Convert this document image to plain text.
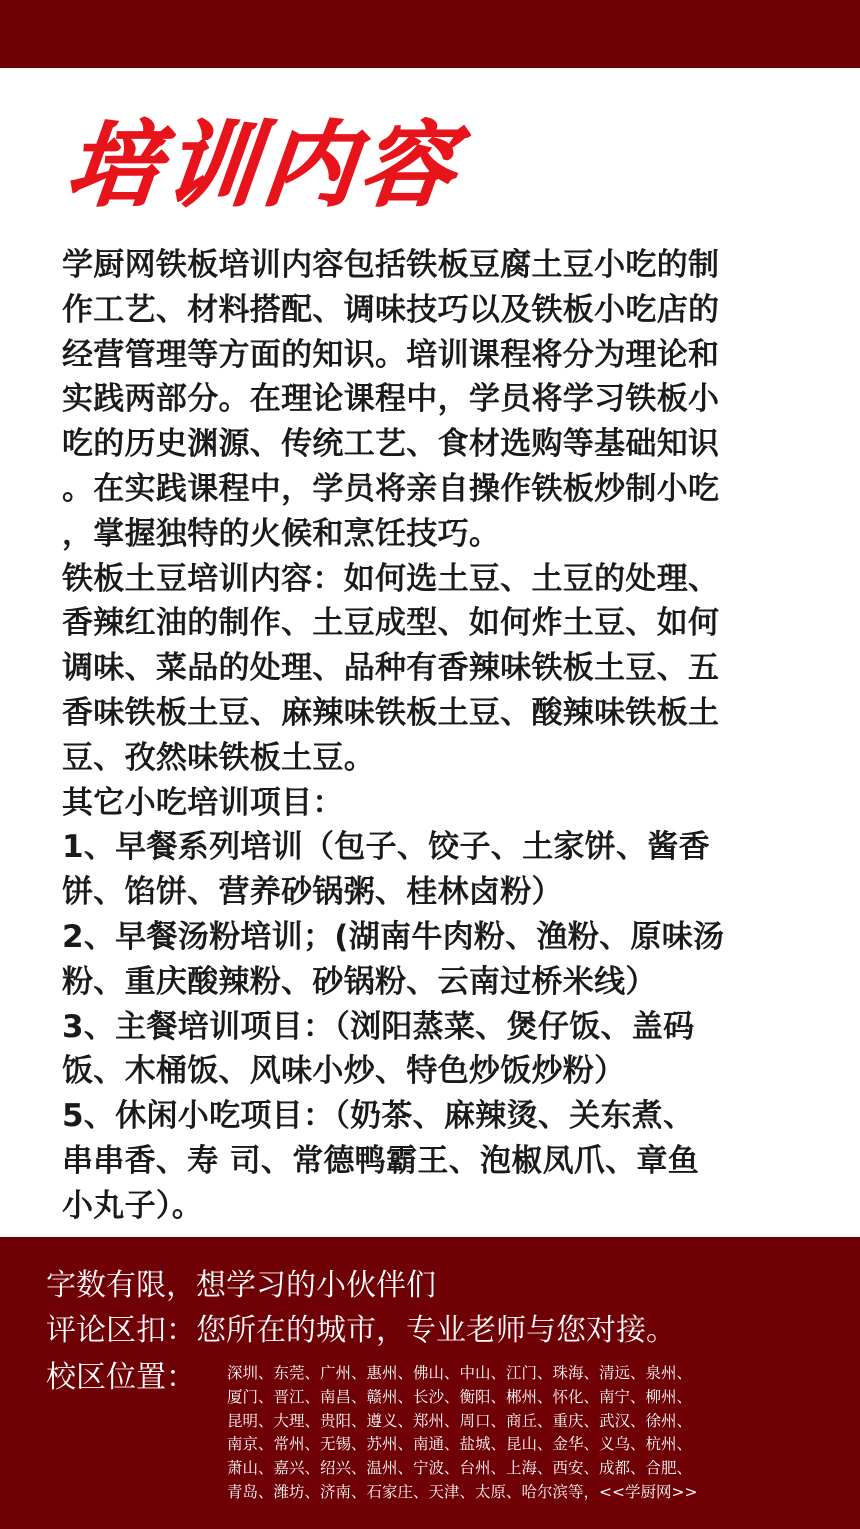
培训内容
学厨网铁板培训内容包括铁板豆腐土豆小吃的制
作工艺、材料搭配、调味技巧以及铁板小吃店的
经营管理等方面的知识。培训课程将分为理论和
实践两部分。在理论课程中，学员将学习铁板小
吃的历史渊源、传统工艺、食材选购等基础知识
。在实践课程中，学员将亲自操作铁板炒制小吃
，掌握独特的火候和烹饪技巧。
铁板土豆培训内容：如何选土豆、土豆的处理、
香辣红油的制作、土豆成型、如何炸土豆、如何
调味、菜品的处理、品种有香辣味铁板土豆、五
香味铁板土豆、麻辣味铁板土豆、酸辣味铁板土
豆、孜然味铁板土豆。
其它小吃培训项目：
1、早餐系列培训（包子、饺子、土家饼、酱香
饼、馅饼、营养砂锅粥、桂林卤粉）
2、早餐汤粉培训；(湖南牛肉粉、渔粉、原味汤
粉、重庆酸辣粉、砂锅粉、云南过桥米线）
3、主餐培训项目：（浏阳蒸菜、煲仔饭、盖码
饭、木桶饭、风味小炒、特色炒饭炒粉）
5、休闲小吃项目：（奶茶、麻辣烫、关东煮、
串串香、寿 司、常德鸭霸王、泡椒凤爪、章鱼
小丸子）。
字数有限，想学习的小伙伴们
评论区扣：您所在的城市，专业老师与您对接。
校区位置： 深圳、东莞、广州、惠州、佛山、中山、江门、珠海、清远、泉州、
厦门、晋江、南昌、赣州、长沙、衡阳、郴州、怀化、南宁、柳州、
昆明、大理、贵阳、遵义、郑州、周口、商丘、重庆、武汉、徐州、
南京、常州、无锡、苏州、南通、盐城、昆山、金华、义乌、杭州、
萧山、嘉兴、绍兴、温州、宁波、台州、上海、西安、成都、合肥、
青岛、潍坊、济南、石家庄、天津、太原、哈尔滨等，<<学厨网>>
